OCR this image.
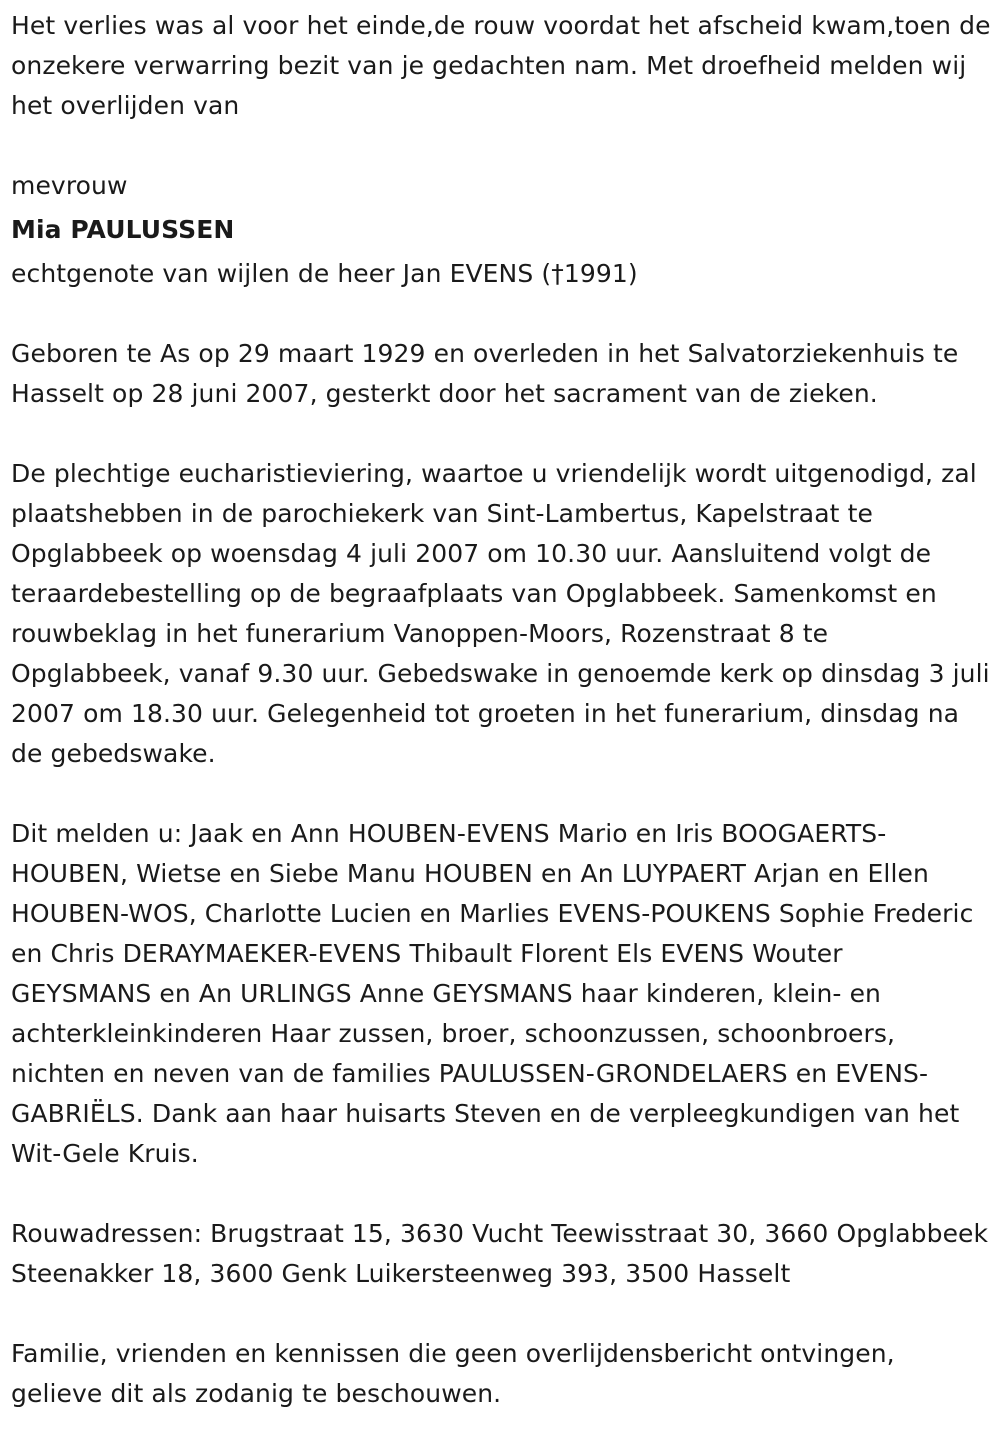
Het verlies was al voor het einde,de rouw voordat het afscheid kwam,toen de onzekere verwarring bezit van je gedachten nam. Met droefheid melden wij het overlijden van

mevrouw

Mia PAULUSSEN

echtgenote van wijlen de heer Jan EVENS (†1991)

Geboren te As op 29 maart 1929 en overleden in het Salvatorziekenhuis te Hasselt op 28 juni 2007, gesterkt door het sacrament van de zieken.

De plechtige eucharistieviering, waartoe u vriendelijk wordt uitgenodigd, zal plaatshebben in de parochiekerk van Sint-Lambertus, Kapelstraat te Opglabbeek op woensdag 4 juli 2007 om 10.30 uur. Aansluitend volgt de teraardebestelling op de begraafplaats van Opglabbeek. Samenkomst en rouwbeklag in het funerarium Vanoppen-Moors, Rozenstraat 8 te Opglabbeek, vanaf 9.30 uur. Gebedswake in genoemde kerk op dinsdag 3 juli 2007 om 18.30 uur. Gelegenheid tot groeten in het funerarium, dinsdag na de gebedswake.

Dit melden u: Jaak en Ann HOUBEN-EVENS Mario en Iris BOOGAERTS-HOUBEN, Wietse en Siebe Manu HOUBEN en An LUYPAERT Arjan en Ellen HOUBEN-WOS, Charlotte Lucien en Marlies EVENS-POUKENS Sophie Frederic en Chris DERAYMAEKER-EVENS Thibault Florent Els EVENS Wouter GEYSMANS en An URLINGS Anne GEYSMANS haar kinderen, klein- en achterkleinkinderen Haar zussen, broer, schoonzussen, schoonbroers, nichten en neven van de families PAULUSSEN-GRONDELAERS en EVENS-GABRIËLS. Dank aan haar huisarts Steven en de verpleegkundigen van het Wit-Gele Kruis.

Rouwadressen: Brugstraat 15, 3630 Vucht Teewisstraat 30, 3660 Opglabbeek Steenakker 18, 3600 Genk Luikersteenweg 393, 3500 Hasselt

Familie, vrienden en kennissen die geen overlijdensbericht ontvingen, gelieve dit als zodanig te beschouwen.
